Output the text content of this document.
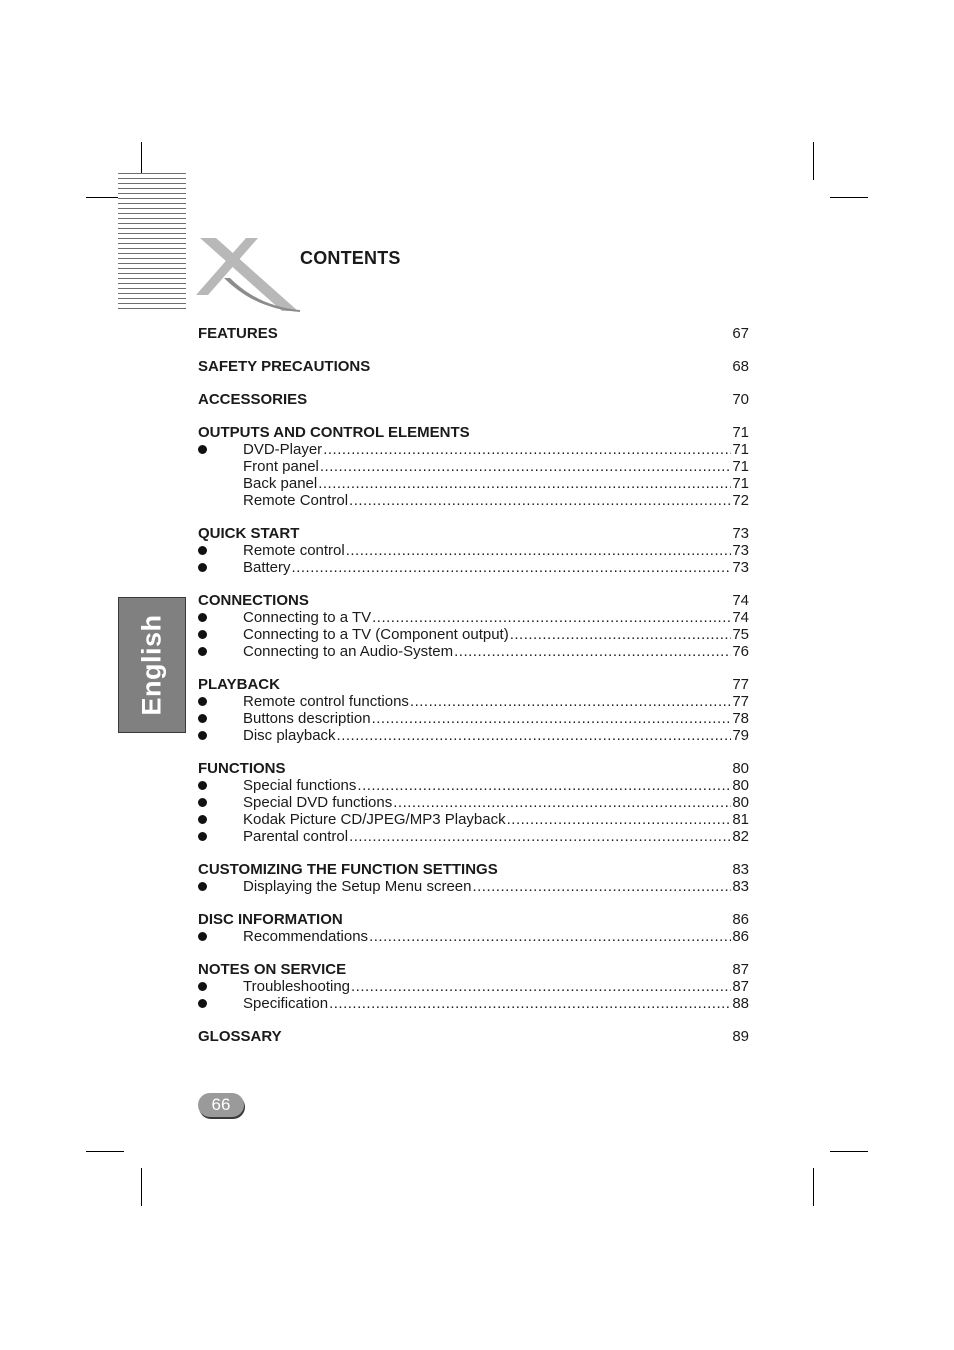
CONTENTS
English
FEATURES	67
SAFETY PRECAUTIONS	68
ACCESSORIES	70
OUTPUTS AND CONTROL ELEMENTS	71
DVD-Player .....	71
Front panel .....	71
Back panel .....	71
Remote Control .....	72
QUICK START	73
Remote control .....	73
Battery .....	73
CONNECTIONS	74
Connecting to a TV .....	74
Connecting to a TV (Component output) .....	75
Connecting to an Audio-System .....	76
PLAYBACK	77
Remote control functions .....	77
Buttons description .....	78
Disc playback .....	79
FUNCTIONS	80
Special functions .....	80
Special DVD functions .....	80
Kodak Picture CD/JPEG/MP3 Playback .....	81
Parental control .....	82
CUSTOMIZING THE FUNCTION SETTINGS	83
Displaying the Setup Menu screen .....	83
DISC INFORMATION	86
Recommendations .....	86
NOTES ON SERVICE	87
Troubleshooting .....	87
Specification .....	88
GLOSSARY	89
66
